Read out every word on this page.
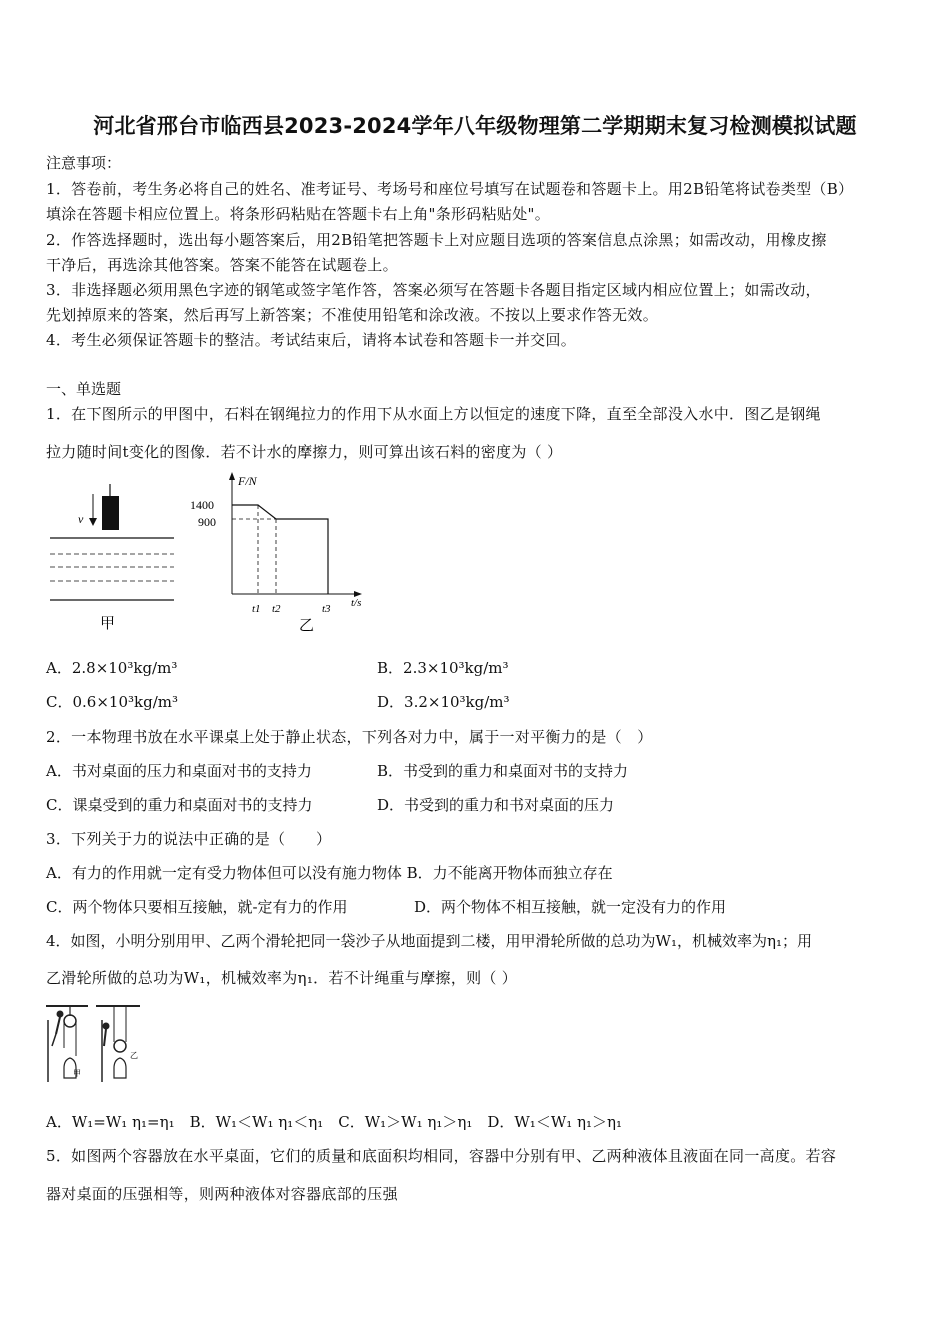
河北省邢台市临西县2023-2024学年八年级物理第二学期期末复习检测模拟试题
注意事项：
1．答卷前，考生务必将自己的姓名、准考证号、考场号和座位号填写在试题卷和答题卡上。用2B铅笔将试卷类型（B）
填涂在答题卡相应位置上。将条形码粘贴在答题卡右上角"条形码粘贴处"。
2．作答选择题时，选出每小题答案后，用2B铅笔把答题卡上对应题目选项的答案信息点涂黑；如需改动，用橡皮擦
干净后，再选涂其他答案。答案不能答在试题卷上。
3．非选择题必须用黑色字迹的钢笔或签字笔作答，答案必须写在答题卡各题目指定区域内相应位置上；如需改动，
先划掉原来的答案，然后再写上新答案；不准使用铅笔和涂改液。不按以上要求作答无效。
4．考生必须保证答题卡的整洁。考试结束后，请将本试卷和答题卡一并交回。
一、单选题
1．在下图所示的甲图中，石料在钢绳拉力的作用下从水面上方以恒定的速度下降，直至全部没入水中．图乙是钢绳
拉力随时间t变化的图像．若不计水的摩擦力，则可算出该石料的密度为（ ）
v
甲
F/N
t/s
1400
900
t1 t2	t3
乙
A．2.8×10³kg/m³	B．2.3×10³kg/m³
C．0.6×10³kg/m³	D．3.2×10³kg/m³
2．一本物理书放在水平课桌上处于静止状态，下列各对力中，属于一对平衡力的是（　）
A．书对桌面的压力和桌面对书的支持力	B．书受到的重力和桌面对书的支持力
C．课桌受到的重力和桌面对书的支持力	D．书受到的重力和书对桌面的压力
3．下列关于力的说法中正确的是（　　）
A．有力的作用就一定有受力物体但可以没有施力物体 B．力不能离开物体而独立存在
C．两个物体只要相互接触，就-定有力的作用	D．两个物体不相互接触，就一定没有力的作用
4．如图，小明分别用甲、乙两个滑轮把同一袋沙子从地面提到二楼，用甲滑轮所做的总功为W₁，机械效率为η₁；用
乙滑轮所做的总功为W₁，机械效率为η₁．若不计绳重与摩擦，则（ ）
甲
乙
A．W₁=W₁ η₁=η₁　B．W₁＜W₁ η₁＜η₁　C．W₁＞W₁ η₁＞η₁　D．W₁＜W₁ η₁＞η₁
5．如图两个容器放在水平桌面，它们的质量和底面积均相同，容器中分别有甲、乙两种液体且液面在同一高度。若容
器对桌面的压强相等，则两种液体对容器底部的压强
